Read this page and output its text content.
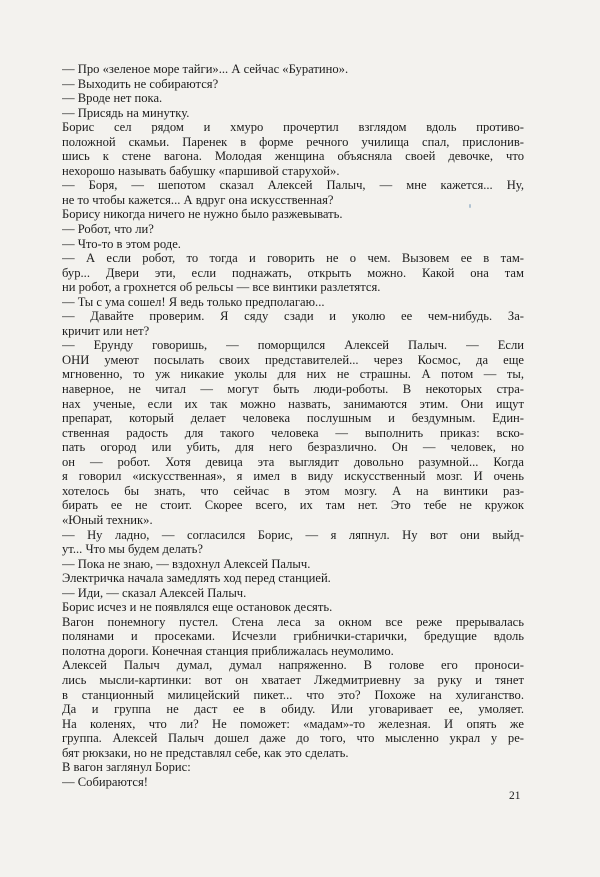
— Про «зеленое море тайги»... А сейчас «Буратино».
— Выходить не собираются?
— Вроде нет пока.
— Присядь на минутку.
Борис сел рядом и хмуро прочертил взглядом вдоль противо-
положной скамьи. Паренек в форме речного училища спал, прислонив-
шись к стене вагона. Молодая женщина объясняла своей девочке, что
нехорошо называть бабушку «паршивой старухой».
— Боря, — шепотом сказал Алексей Палыч, — мне кажется... Ну,
не то чтобы кажется... А вдруг она искусственная?
Борису никогда ничего не нужно было разжевывать.
— Робот, что ли?
— Что-то в этом роде.
— А если робот, то тогда и говорить не о чем. Вызовем ее в там-
бур... Двери эти, если поднажать, открыть можно. Какой она там
ни робот, а грохнется об рельсы — все винтики разлетятся.
— Ты с ума сошел! Я ведь только предполагаю...
— Давайте проверим. Я сяду сзади и уколю ее чем-нибудь. За-
кричит или нет?
— Ерунду говоришь, — поморщился Алексей Палыч. — Если
ОНИ умеют посылать своих представителей... через Космос, да еще
мгновенно, то уж никакие уколы для них не страшны. А потом — ты,
наверное, не читал — могут быть люди-роботы. В некоторых стра-
нах ученые, если их так можно назвать, занимаются этим. Они ищут
препарат, который делает человека послушным и бездумным. Един-
ственная радость для такого человека — выполнить приказ: вско-
пать огород или убить, для него безразлично. Он — человек, но
он — робот. Хотя девица эта выглядит довольно разумной... Когда
я говорил «искусственная», я имел в виду искусственный мозг. И очень
хотелось бы знать, что сейчас в этом мозгу. А на винтики раз-
бирать ее не стоит. Скорее всего, их там нет. Это тебе не кружок
«Юный техник».
— Ну ладно, — согласился Борис, — я ляпнул. Ну вот они выйд-
ут... Что мы будем делать?
— Пока не знаю, — вздохнул Алексей Палыч.
Электричка начала замедлять ход перед станцией.
— Иди, — сказал Алексей Палыч.
Борис исчез и не появлялся еще остановок десять.
Вагон понемногу пустел. Стена леса за окном все реже прерывалась
полянами и просеками. Исчезли грибнички-старички, бредущие вдоль
полотна дороги. Конечная станция приближалась неумолимо.
Алексей Палыч думал, думал напряженно. В голове его проноси-
лись мысли-картинки: вот он хватает Лжедмитриевну за руку и тянет
в станционный милицейский пикет... что это? Похоже на хулиганство.
Да и группа не даст ее в обиду. Или уговаривает ее, умоляет.
На коленях, что ли? Не поможет: «мадам»-то железная. И опять же
группа. Алексей Палыч дошел даже до того, что мысленно украл у ре-
бят рюкзаки, но не представлял себе, как это сделать.
В вагон заглянул Борис:
— Собираются!
21
